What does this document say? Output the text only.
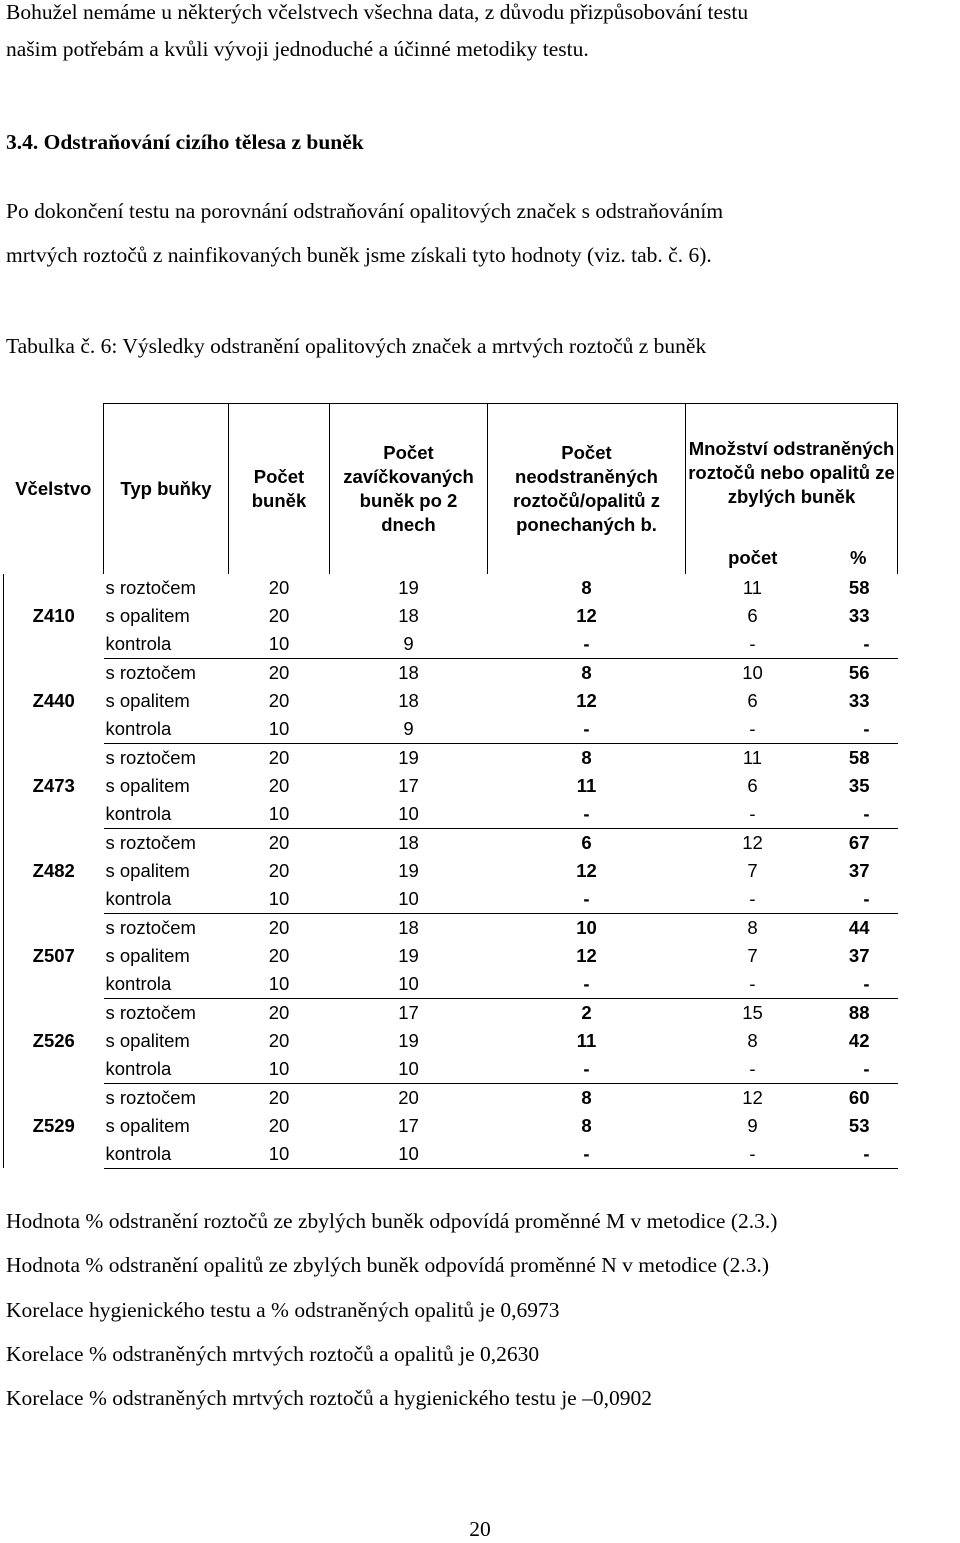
Bohužel nemáme u některých včelstvech všechna data, z důvodu přizpůsobování testu

našim potřebám a kvůli vývoji jednoduché a účinné metodiky testu.

3.4. Odstraňování cizího tělesa z buněk

Po dokončení testu na porovnání odstraňování opalitových značek s odstraňováním

mrtvých roztočů z nainfikovaných buněk jsme získali tyto hodnoty (viz. tab. č. 6).

Tabulka č. 6: Výsledky odstranění opalitových značek a mrtvých roztočů z buněk

Včelstvo	Typ buňky	Počet buněk	Počet zavíčkovaných buněk po 2 dnech	Počet neodstraněných roztočů/opalitů z ponechaných b.	Množství odstraněných roztočů nebo opalitů ze zbylých buněk	
					počet	%
Z410	s roztočem	20	19	8	11	58
	s opalitem	20	18	12	6	33
	kontrola	10	9	-	-	-
Z440	s roztočem	20	18	8	10	56
	s opalitem	20	18	12	6	33
	kontrola	10	9	-	-	-
Z473	s roztočem	20	19	8	11	58
	s opalitem	20	17	11	6	35
	kontrola	10	10	-	-	-
Z482	s roztočem	20	18	6	12	67
	s opalitem	20	19	12	7	37
	kontrola	10	10	-	-	-
Z507	s roztočem	20	18	10	8	44
	s opalitem	20	19	12	7	37
	kontrola	10	10	-	-	-
Z526	s roztočem	20	17	2	15	88
	s opalitem	20	19	11	8	42
	kontrola	10	10	-	-	-
Z529	s roztočem	20	20	8	12	60
	s opalitem	20	17	8	9	53
	kontrola	10	10	-	-	-
Hodnota % odstranění roztočů ze zbylých buněk odpovídá proměnné M v metodice (2.3.)
Hodnota % odstranění opalitů ze zbylých buněk odpovídá proměnné N v metodice (2.3.)
Korelace hygienického testu a % odstraněných opalitů je 0,6973
Korelace % odstraněných mrtvých roztočů a opalitů je 0,2630
Korelace % odstraněných mrtvých roztočů a hygienického testu je –0,0902
20
